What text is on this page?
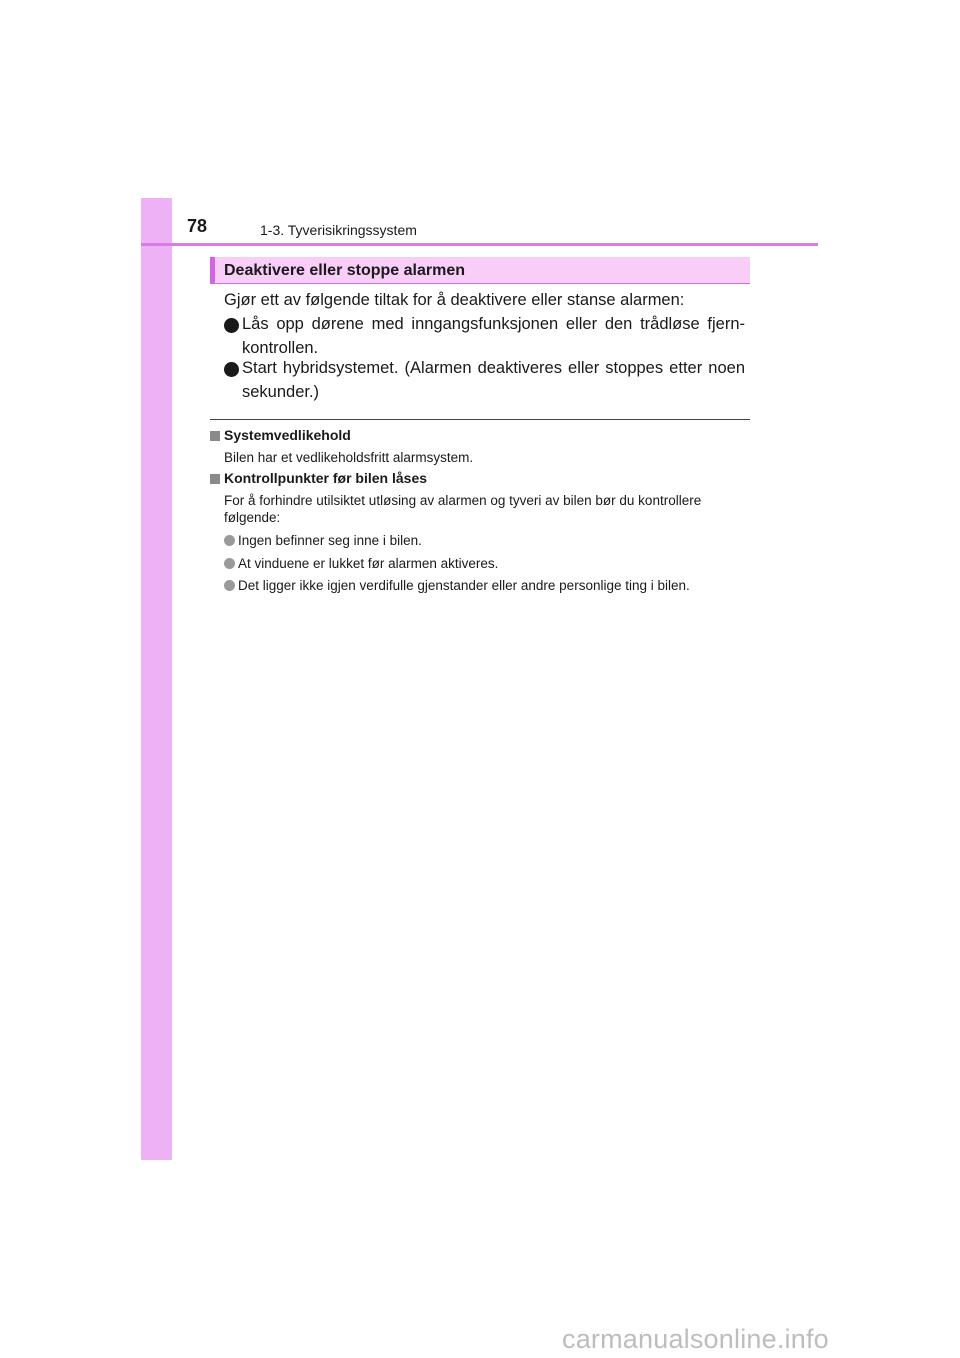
78	1-3. Tyverisikringssystem
Deaktivere eller stoppe alarmen
Gjør ett av følgende tiltak for å deaktivere eller stanse alarmen:
Lås opp dørene med inngangsfunksjonen eller den trådløse fjern-kontrollen.
Start hybridsystemet. (Alarmen deaktiveres eller stoppes etter noen sekunder.)
Systemvedlikehold
Bilen har et vedlikeholdsfritt alarmsystem.
Kontrollpunkter før bilen låses
For å forhindre utilsiktet utløsing av alarmen og tyveri av bilen bør du kontrollere følgende:
Ingen befinner seg inne i bilen.
At vinduene er lukket før alarmen aktiveres.
Det ligger ikke igjen verdifulle gjenstander eller andre personlige ting i bilen.
carmanualsonline.info
